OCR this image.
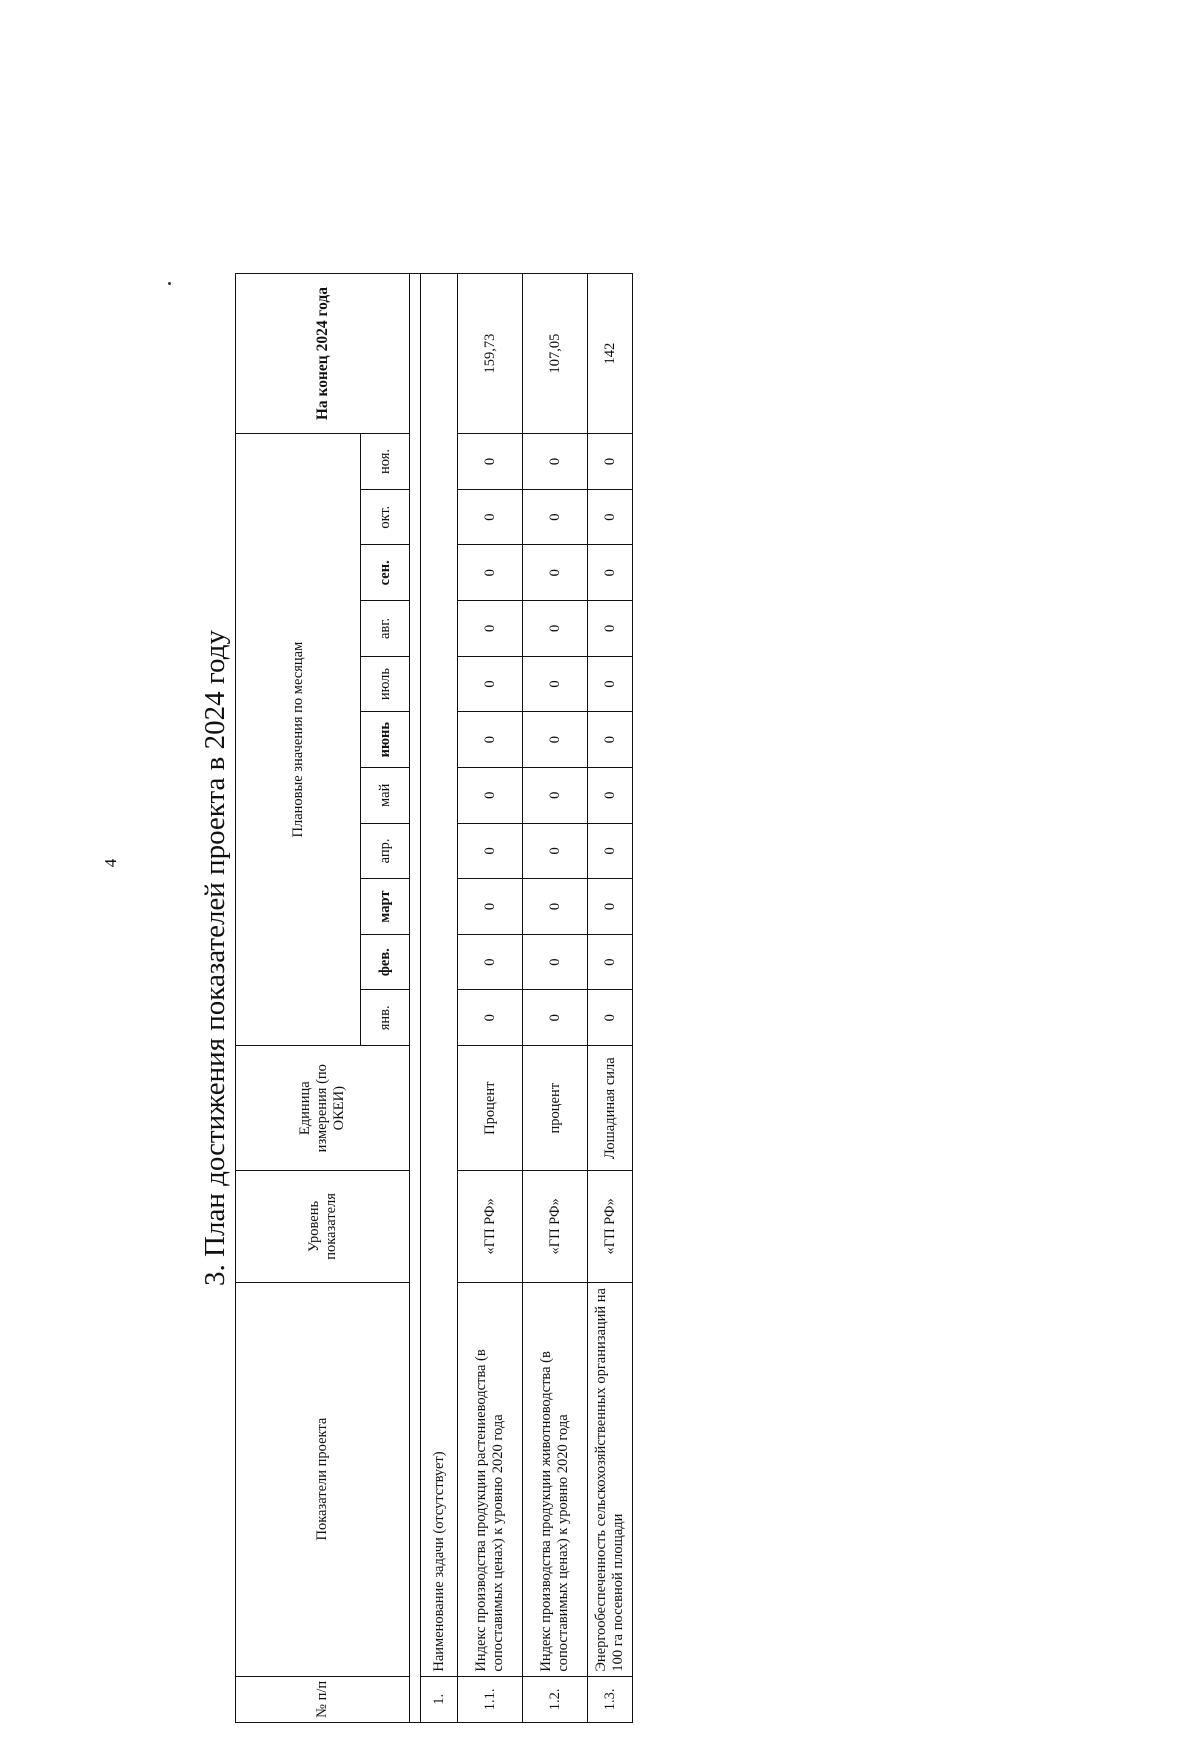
4	3. План достижения показателей проекта в 2024 году
№ п/п	Показатели проекта	Уровень показателя	Единица измерения (по ОКЕИ)	Плановые значения по месяцам											На конец 2024 года
				янв.	фев.	март	апр.	май	июнь	июль	авг.	сен.	окт.	ноя.	

1.	Наименование задачи (отсутствует)														
1.1.	Индекс производства продукции растениеводства (в сопоставимых ценах) к уровню 2020 года	«ГП РФ»	Процент	0	0	0	0	0	0	0	0	0	0	0	159,73
1.2.	Индекс производства продукции животноводства (в сопоставимых ценах) к уровню 2020 года	«ГП РФ»	процент	0	0	0	0	0	0	0	0	0	0	0	107,05
1.3.	Энергообеспеченность сельскохозяйственных организаций на 100 га посевной площади	«ГП РФ»	Лошадиная сила	0	0	0	0	0	0	0	0	0	0	0	142
